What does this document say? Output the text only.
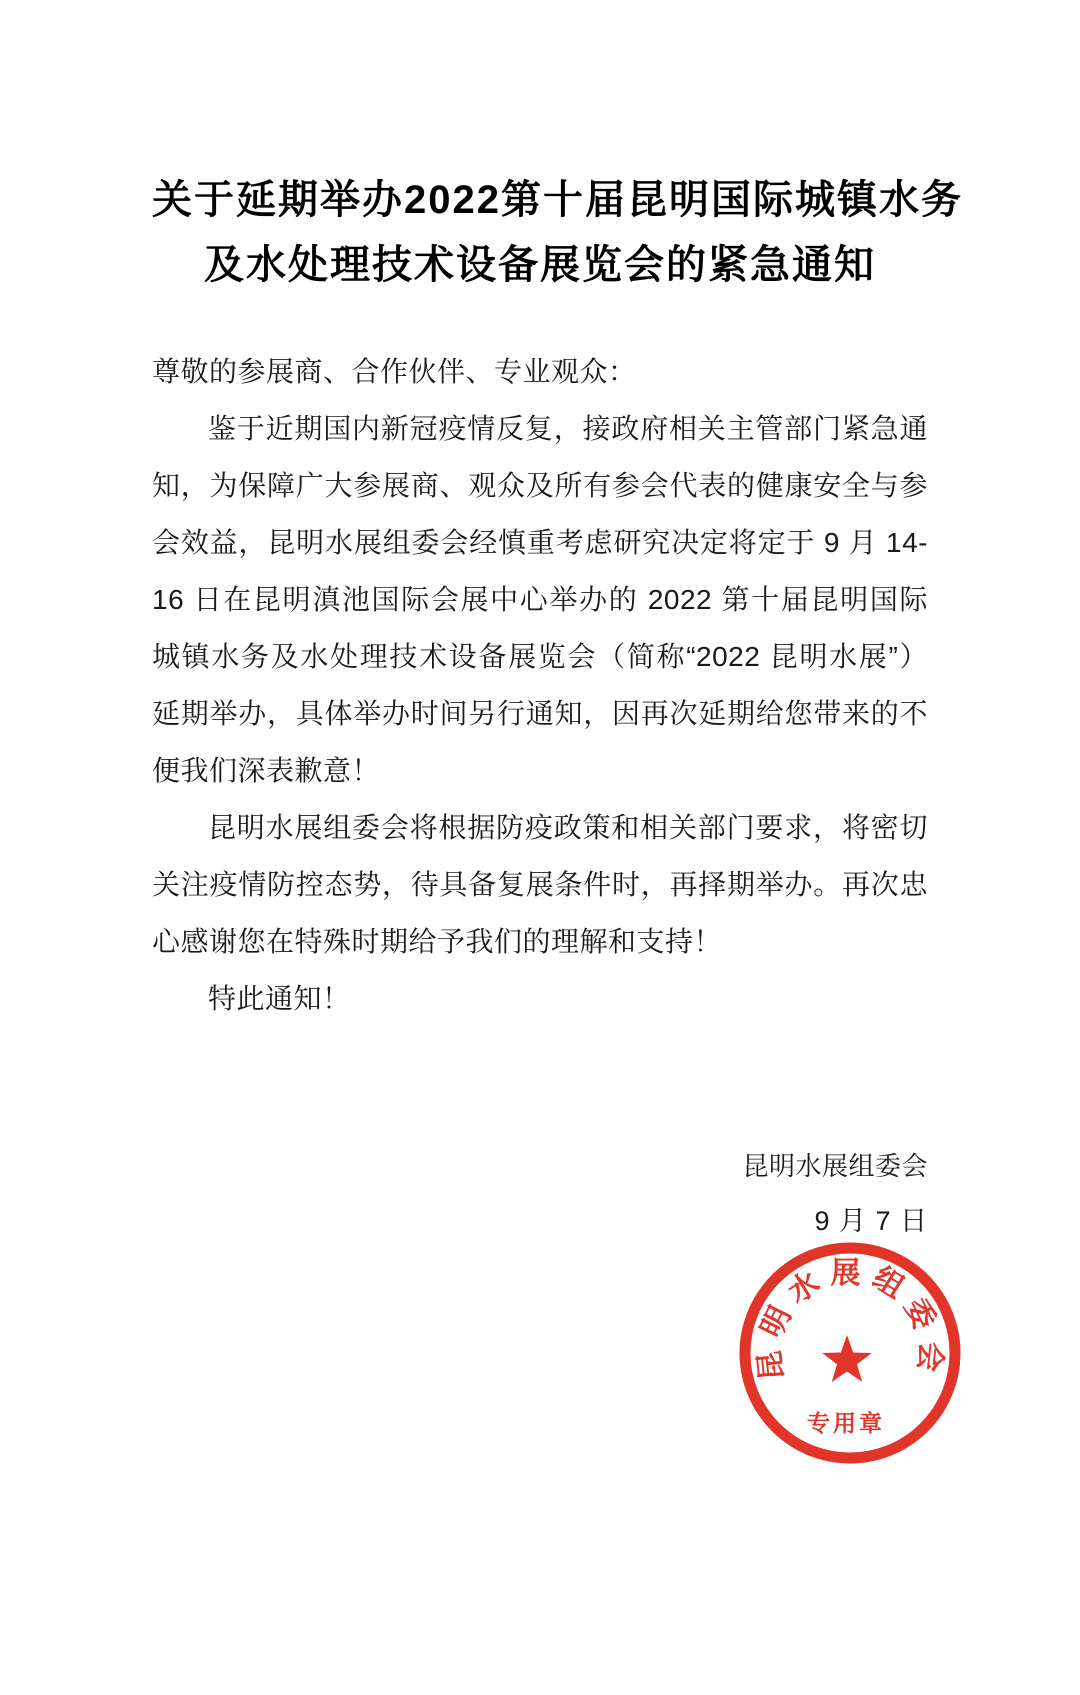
关于延期举办2022第十届昆明国际城镇水务
及水处理技术设备展览会的紧急通知

尊敬的参展商、合作伙伴、专业观众：

鉴于近期国内新冠疫情反复，接政府相关主管部门紧急通知，为保障广大参展商、观众及所有参会代表的健康安全与参会效益，昆明水展组委会经慎重考虑研究决定将定于 9 月 14-16 日在昆明滇池国际会展中心举办的 2022 第十届昆明国际城镇水务及水处理技术设备展览会（简称“2022 昆明水展”）延期举办，具体举办时间另行通知，因再次延期给您带来的不便我们深表歉意！

昆明水展组委会将根据防疫政策和相关部门要求，将密切关注疫情防控态势，待具备复展条件时，再择期举办。再次忠心感谢您在特殊时期给予我们的理解和支持！

特此通知！

昆明水展组委会
9 月 7 日
昆明水展组委会
专用章
